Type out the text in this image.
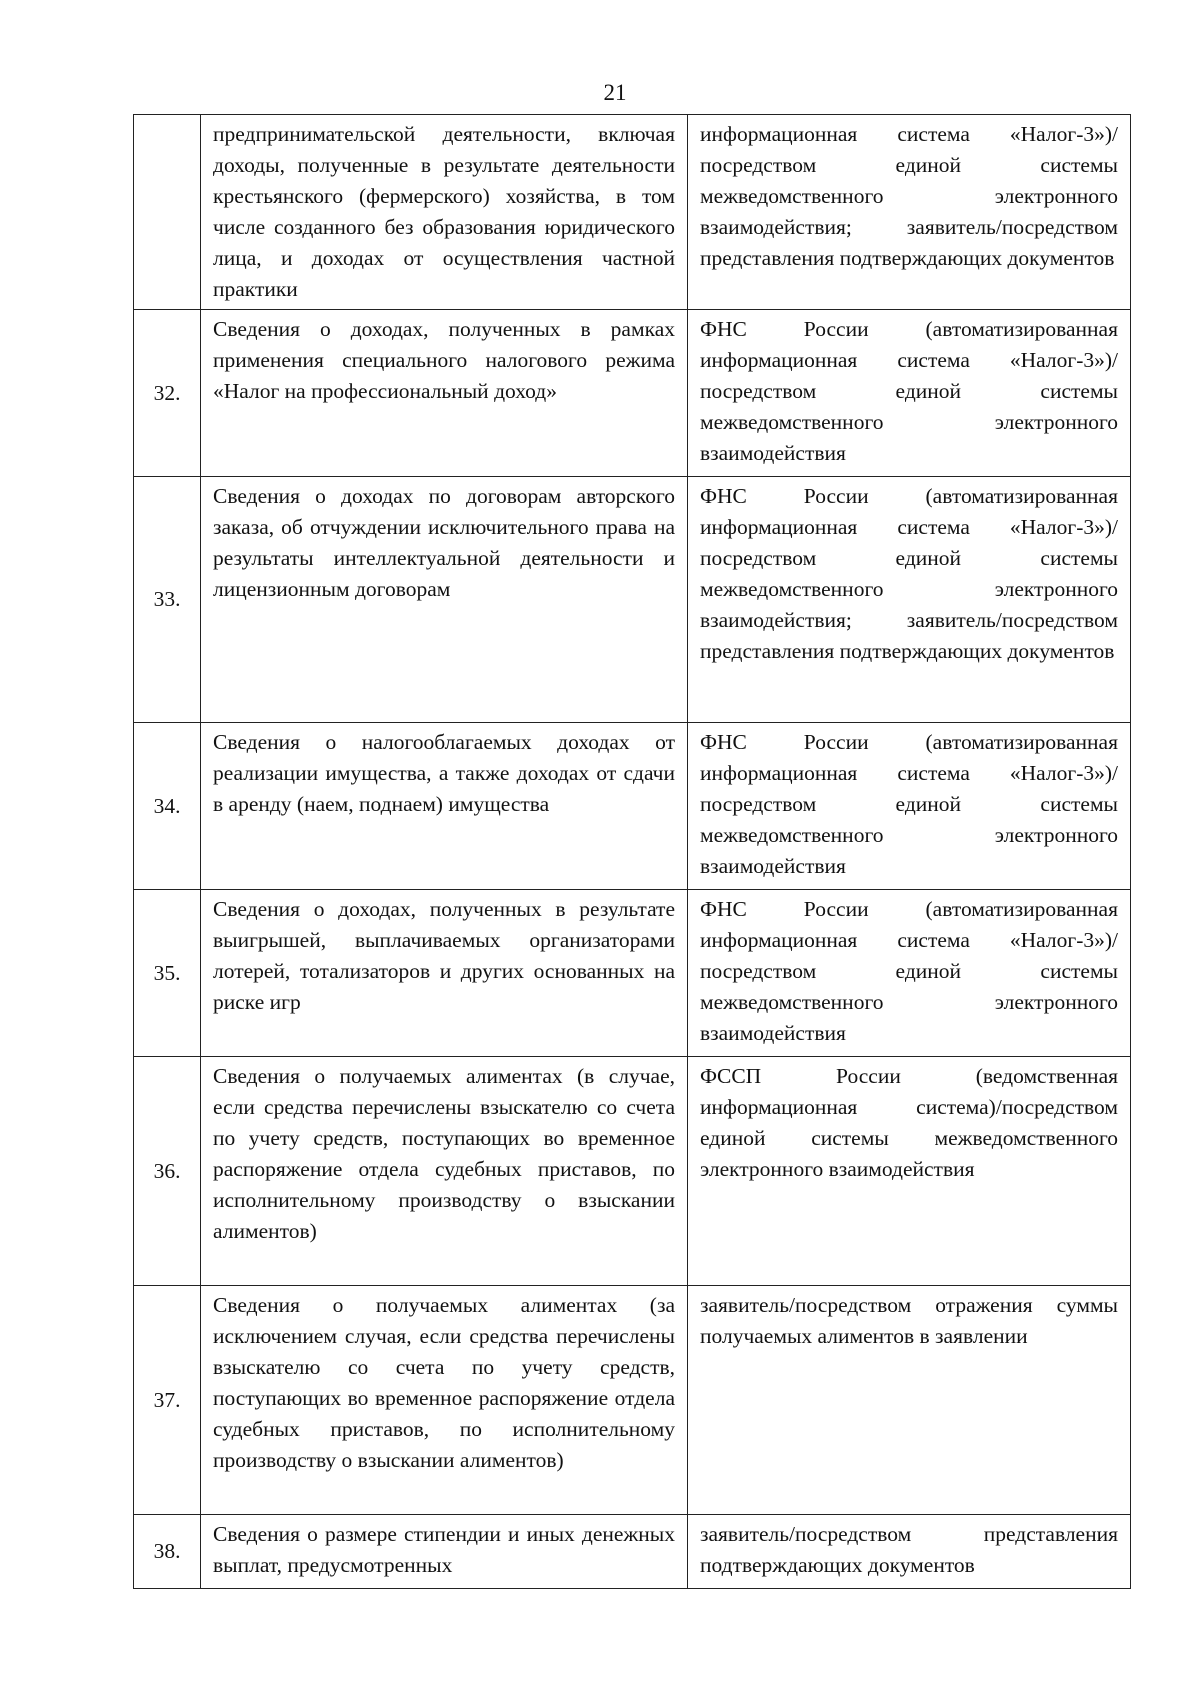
21

	предпринимательской деятельности, включая доходы, полученные в результате деятельности крестьянского (фермерского) хозяйства, в том числе созданного без образования юридического лица, и доходах от осуществления частной практики	информационная система «Налог-3»)/посредством единой системы межведомственного электронного взаимодействия; заявитель/посредством представления подтверждающих документов

32.	Сведения о доходах, полученных в рамках применения специального налогового режима «Налог на профессиональный доход»	ФНС России (автоматизированная информационная система «Налог-3»)/посредством единой системы межведомственного электронного взаимодействия

33.	Сведения о доходах по договорам авторского заказа, об отчуждении исключительного права на результаты интеллектуальной деятельности и лицензионным договорам	ФНС России (автоматизированная информационная система «Налог-3»)/посредством единой системы межведомственного электронного взаимодействия; заявитель/посредством представления подтверждающих документов

34.	Сведения о налогооблагаемых доходах от реализации имущества, а также доходах от сдачи в аренду (наем, поднаем) имущества	ФНС России (автоматизированная информационная система «Налог-3»)/посредством единой системы межведомственного электронного взаимодействия

35.	Сведения о доходах, полученных в результате выигрышей, выплачиваемых организаторами лотерей, тотализаторов и других основанных на риске игр	ФНС России (автоматизированная информационная система «Налог-3»)/посредством единой системы межведомственного электронного взаимодействия

36.	Сведения о получаемых алиментах (в случае, если средства перечислены взыскателю со счета по учету средств, поступающих во временное распоряжение отдела судебных приставов, по исполнительному производству о взыскании алиментов)	ФССП России (ведомственная информационная система)/посредством единой системы межведомственного электронного взаимодействия

37.	Сведения о получаемых алиментах (за исключением случая, если средства перечислены взыскателю со счета по учету средств, поступающих во временное распоряжение отдела судебных приставов, по исполнительному производству о взыскании алиментов)	заявитель/посредством отражения суммы получаемых алиментов в заявлении

38.	Сведения о размере стипендии и иных денежных выплат, предусмотренных	заявитель/посредством представления подтверждающих документов
